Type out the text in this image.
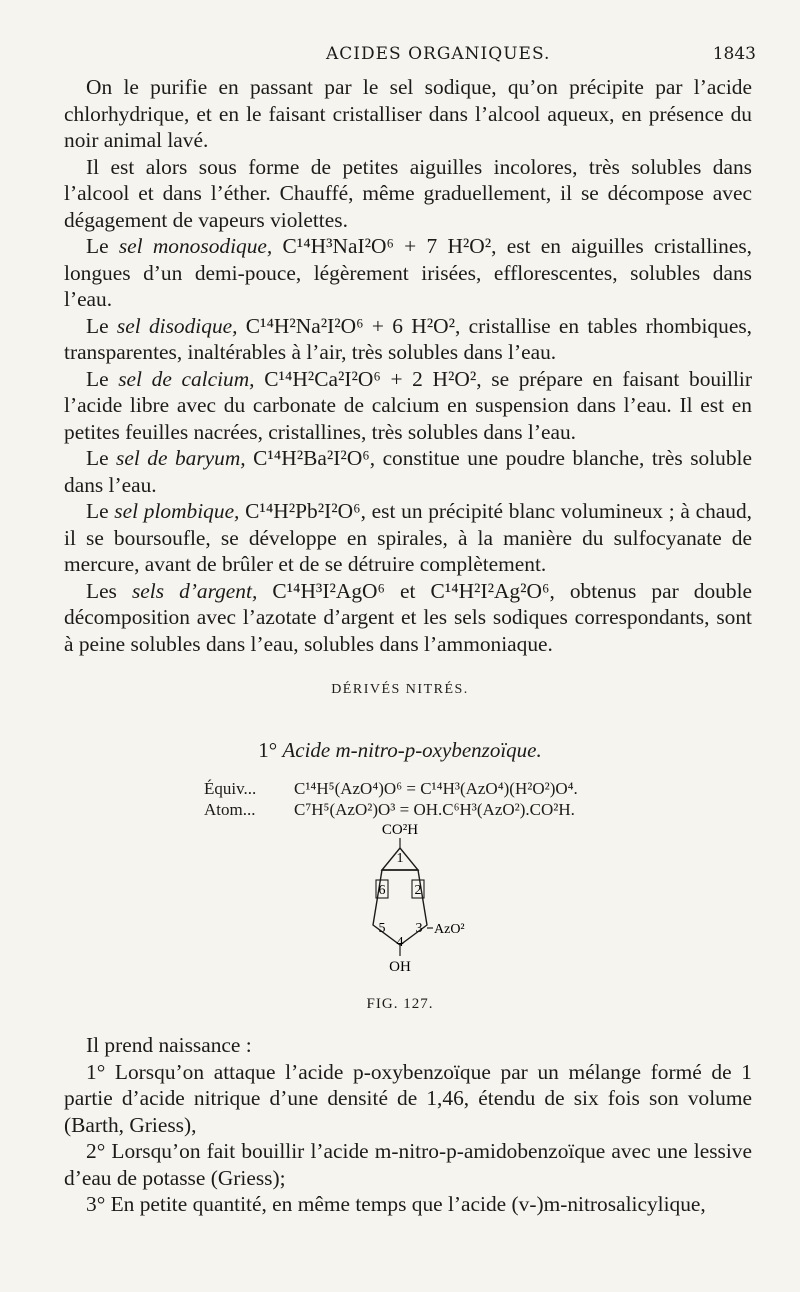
ACIDES ORGANIQUES.	1843

On le purifie en passant par le sel sodique, qu’on précipite par l’acide chlorhydrique, et en le faisant cristalliser dans l’alcool aqueux, en présence du noir animal lavé.

Il est alors sous forme de petites aiguilles incolores, très solubles dans l’alcool et dans l’éther. Chauffé, même graduellement, il se décompose avec dégagement de vapeurs violettes.

Le sel monosodique, C¹⁴H³NaI²O⁶ + 7 H²O², est en aiguilles cristallines, longues d’un demi-pouce, légèrement irisées, efflorescentes, solubles dans l’eau.

Le sel disodique, C¹⁴H²Na²I²O⁶ + 6 H²O², cristallise en tables rhombiques, transparentes, inaltérables à l’air, très solubles dans l’eau.

Le sel de calcium, C¹⁴H²Ca²I²O⁶ + 2 H²O², se prépare en faisant bouillir l’acide libre avec du carbonate de calcium en suspension dans l’eau. Il est en petites feuilles nacrées, cristallines, très solubles dans l’eau.

Le sel de baryum, C¹⁴H²Ba²I²O⁶, constitue une poudre blanche, très soluble dans l’eau.

Le sel plombique, C¹⁴H²Pb²I²O⁶, est un précipité blanc volumineux ; à chaud, il se boursoufle, se développe en spirales, à la manière du sulfocyanate de mercure, avant de brûler et de se détruire complètement.

Les sels d’argent, C¹⁴H³I²AgO⁶ et C¹⁴H²I²Ag²O⁶, obtenus par double décomposition avec l’azotate d’argent et les sels sodiques correspondants, sont à peine solubles dans l’eau, solubles dans l’ammoniaque.

DÉRIVÉS NITRÉS.
1° Acide m-nitro-p-oxybenzoïque.
Équiv... C¹⁴H⁵(AzO⁴)O⁶ = C¹⁴H³(AzO⁴)(H²O²)O⁴.
Atom... C⁷H⁵(AzO²)O³ = OH.C⁶H³(AzO²).CO²H.
CO²H
1
2
3
4
5
6
AzO²
OH
FIG. 127.

Il prend naissance :

1° Lorsqu’on attaque l’acide p-oxybenzoïque par un mélange formé de 1 partie d’acide nitrique d’une densité de 1,46, étendu de six fois son volume (Barth, Griess),

2° Lorsqu’on fait bouillir l’acide m-nitro-p-amidobenzoïque avec une lessive d’eau de potasse (Griess);

3° En petite quantité, en même temps que l’acide (v-)m-nitrosalicylique,
